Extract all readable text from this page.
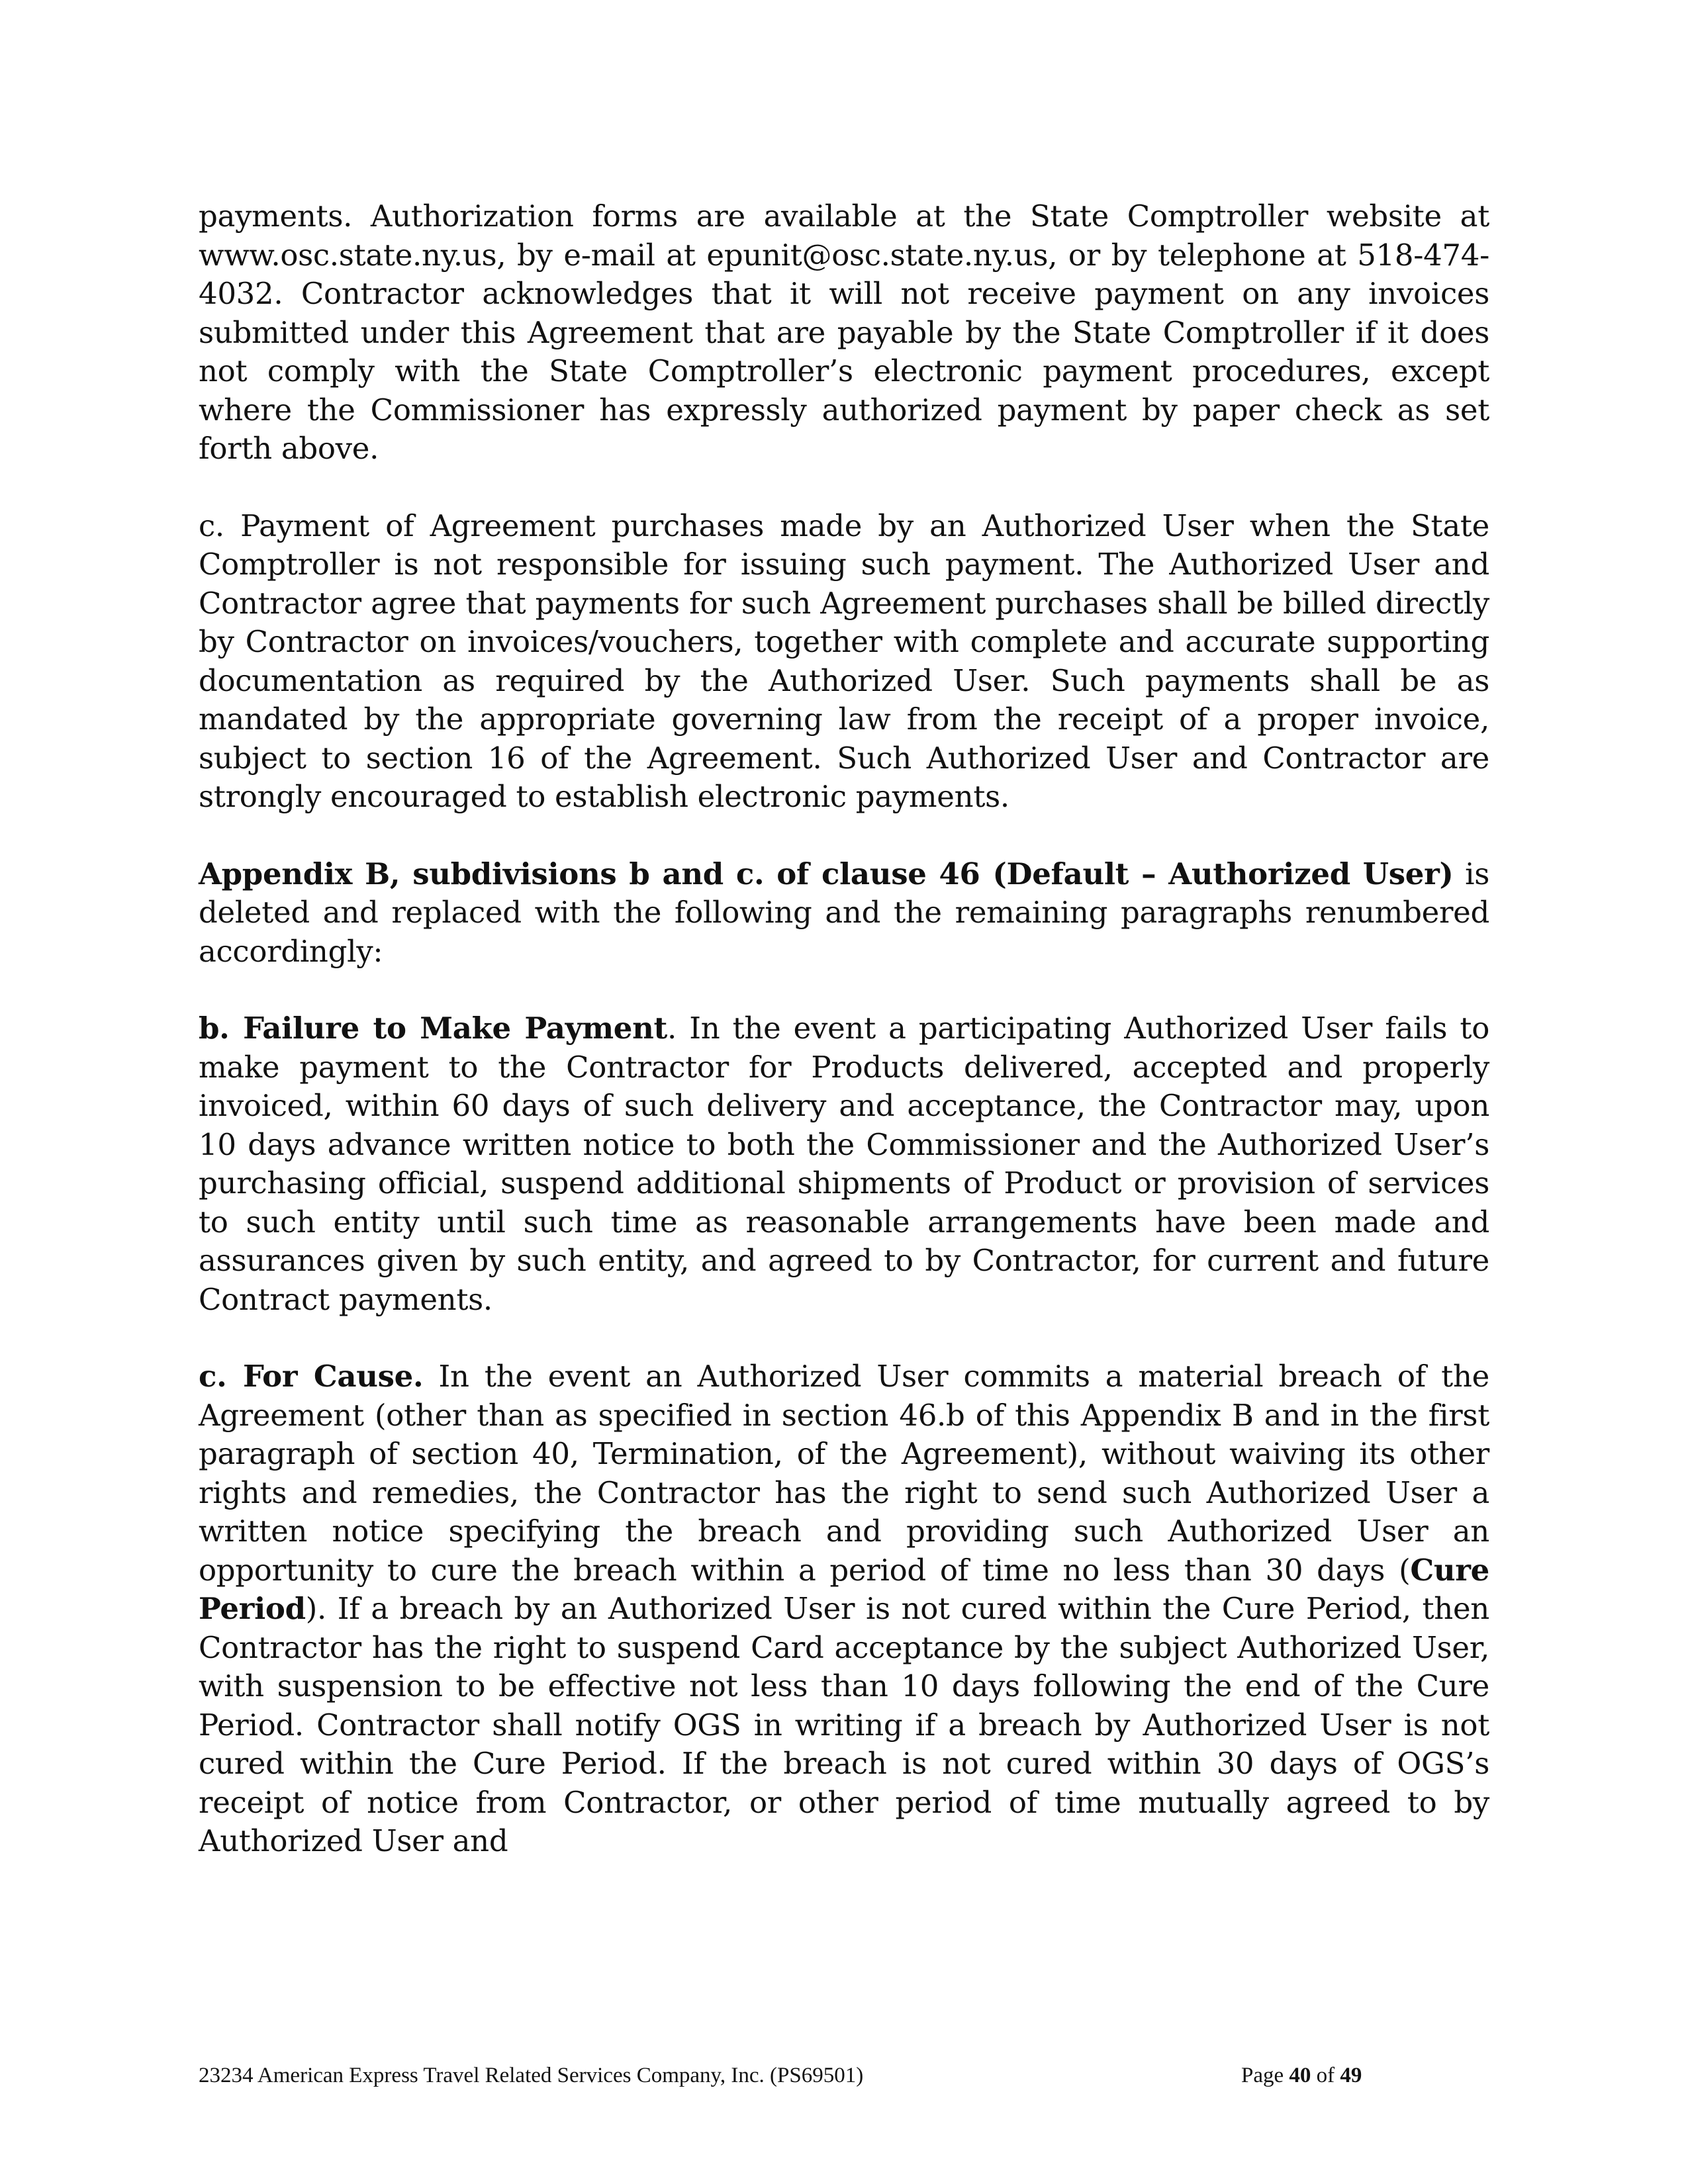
payments. Authorization forms are available at the State Comptroller website at www.osc.state.ny.us, by e-mail at epunit@osc.state.ny.us, or by telephone at 518-474-4032. Contractor acknowledges that it will not receive payment on any invoices submitted under this Agreement that are payable by the State Comptroller if it does not comply with the State Comptroller’s electronic payment procedures, except where the Commissioner has expressly authorized payment by paper check as set forth above.

c. Payment of Agreement purchases made by an Authorized User when the State Comptroller is not responsible for issuing such payment. The Authorized User and Contractor agree that payments for such Agreement purchases shall be billed directly by Contractor on invoices/vouchers, together with complete and accurate supporting documentation as required by the Authorized User. Such payments shall be as mandated by the appropriate governing law from the receipt of a proper invoice, subject to section 16 of the Agreement. Such Authorized User and Contractor are strongly encouraged to establish electronic payments.

Appendix B, subdivisions b and c. of clause 46 (Default – Authorized User) is deleted and replaced with the following and the remaining paragraphs renumbered accordingly:

b. Failure to Make Payment. In the event a participating Authorized User fails to make payment to the Contractor for Products delivered, accepted and properly invoiced, within 60 days of such delivery and acceptance, the Contractor may, upon 10 days advance written notice to both the Commissioner and the Authorized User’s purchasing official, suspend additional shipments of Product or provision of services to such entity until such time as reasonable arrangements have been made and assurances given by such entity, and agreed to by Contractor, for current and future Contract payments.

c. For Cause. In the event an Authorized User commits a material breach of the Agreement (other than as specified in section 46.b of this Appendix B and in the first paragraph of section 40, Termination, of the Agreement), without waiving its other rights and remedies, the Contractor has the right to send such Authorized User a written notice specifying the breach and providing such Authorized User an opportunity to cure the breach within a period of time no less than 30 days (Cure Period). If a breach by an Authorized User is not cured within the Cure Period, then Contractor has the right to suspend Card acceptance by the subject Authorized User, with suspension to be effective not less than 10 days following the end of the Cure Period. Contractor shall notify OGS in writing if a breach by Authorized User is not cured within the Cure Period. If the breach is not cured within 30 days of OGS’s receipt of notice from Contractor, or other period of time mutually agreed to by Authorized User and

23234 American Express Travel Related Services Company, Inc. (PS69501)	Page 40 of 49
